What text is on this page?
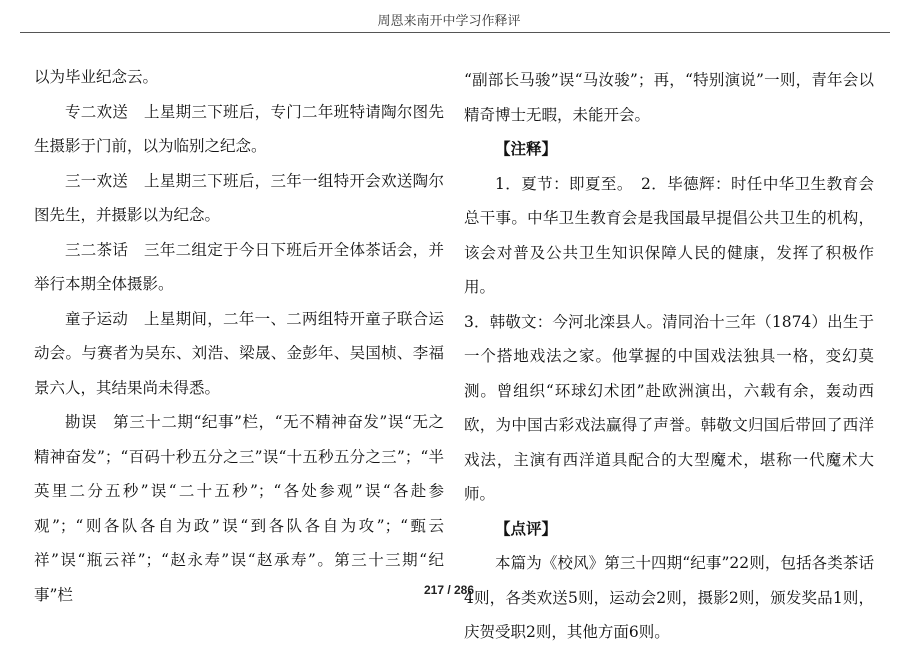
周恩来南开中学习作释评

以为毕业纪念云。

专二欢送　上星期三下班后，专门二年班特请陶尔图先生摄影于门前，以为临别之纪念。

三一欢送　上星期三下班后，三年一组特开会欢送陶尔图先生，并摄影以为纪念。

三二茶话　三年二组定于今日下班后开全体茶话会，并举行本期全体摄影。

童子运动　上星期间，二年一、二两组特开童子联合运动会。与赛者为吴东、刘浩、梁晟、金彭年、吴国桢、李福景六人，其结果尚未得悉。

勘误　第三十二期“纪事”栏，“无不精神奋发”误“无之精神奋发”；“百码十秒五分之三”误“十五秒五分之三”；“半英里二分五秒”误“二十五秒”；“各处参观”误“各赴参观”；“则各队各自为政”误“到各队各自为攻”；“甄云祥”误“瓶云祥”；“赵永寿”误“赵承寿”。第三十三期“纪事”栏

“副部长马骏”误“马汝骏”；再，“特别演说”一则，青年会以精奇博士无暇，未能开会。

【注释】

1．夏节：即夏至。　2．毕德辉：时任中华卫生教育会总干事。中华卫生教育会是我国最早提倡公共卫生的机构，该会对普及公共卫生知识保障人民的健康，发挥了积极作用。

3．韩敬文：今河北滦县人。清同治十三年（1874）出生于一个搭地戏法之家。他掌握的中国戏法独具一格，变幻莫测。曾组织“环球幻术团”赴欧洲演出，六载有余，轰动西欧，为中国古彩戏法赢得了声誉。韩敬文归国后带回了西洋戏法，主演有西洋道具配合的大型魔术，堪称一代魔术大师。

【点评】

本篇为《校风》第三十四期“纪事”22则，包括各类茶话4则，各类欢送5则，运动会2则，摄影2则，颁发奖品1则，庆贺受职2则，其他方面6则。

217 / 286
